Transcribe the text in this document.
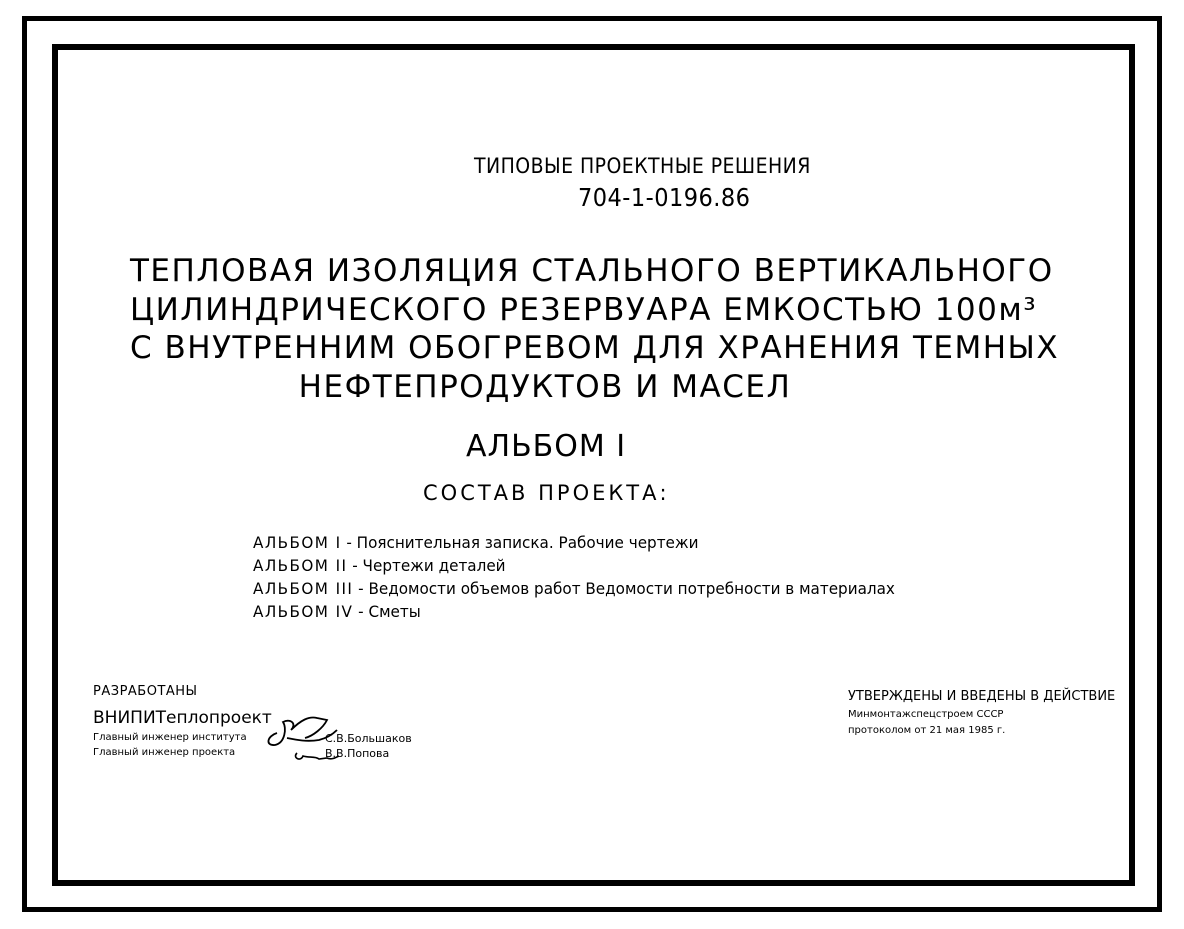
ТИПОВЫЕ ПРОЕКТНЫЕ РЕШЕНИЯ
704-1-0196.86
ТЕПЛОВАЯ ИЗОЛЯЦИЯ СТАЛЬНОГО ВЕРТИКАЛЬНОГО
ЦИЛИНДРИЧЕСКОГО РЕЗЕРВУАРА ЕМКОСТЬЮ 100м³
С ВНУТРЕННИМ ОБОГРЕВОМ ДЛЯ ХРАНЕНИЯ ТЕМНЫХ
НЕФТЕПРОДУКТОВ И МАСЕЛ
АЛЬБОМ I
СОСТАВ ПРОЕКТА:
АЛЬБОМ I - Пояснительная записка. Рабочие чертежи
АЛЬБОМ II - Чертежи деталей
АЛЬБОМ III - Ведомости объемов работ Ведомости потребности в материалах
АЛЬБОМ IV - Сметы
РАЗРАБОТАНЫ
ВНИПИТеплопроект
Главный инженер института	С.В.Большаков
Главный инженер проекта	В.В.Попова
УТВЕРЖДЕНЫ И ВВЕДЕНЫ В ДЕЙСТВИЕ
Минмонтажспецстроем СССР
протоколом от 21 мая 1985 г.
